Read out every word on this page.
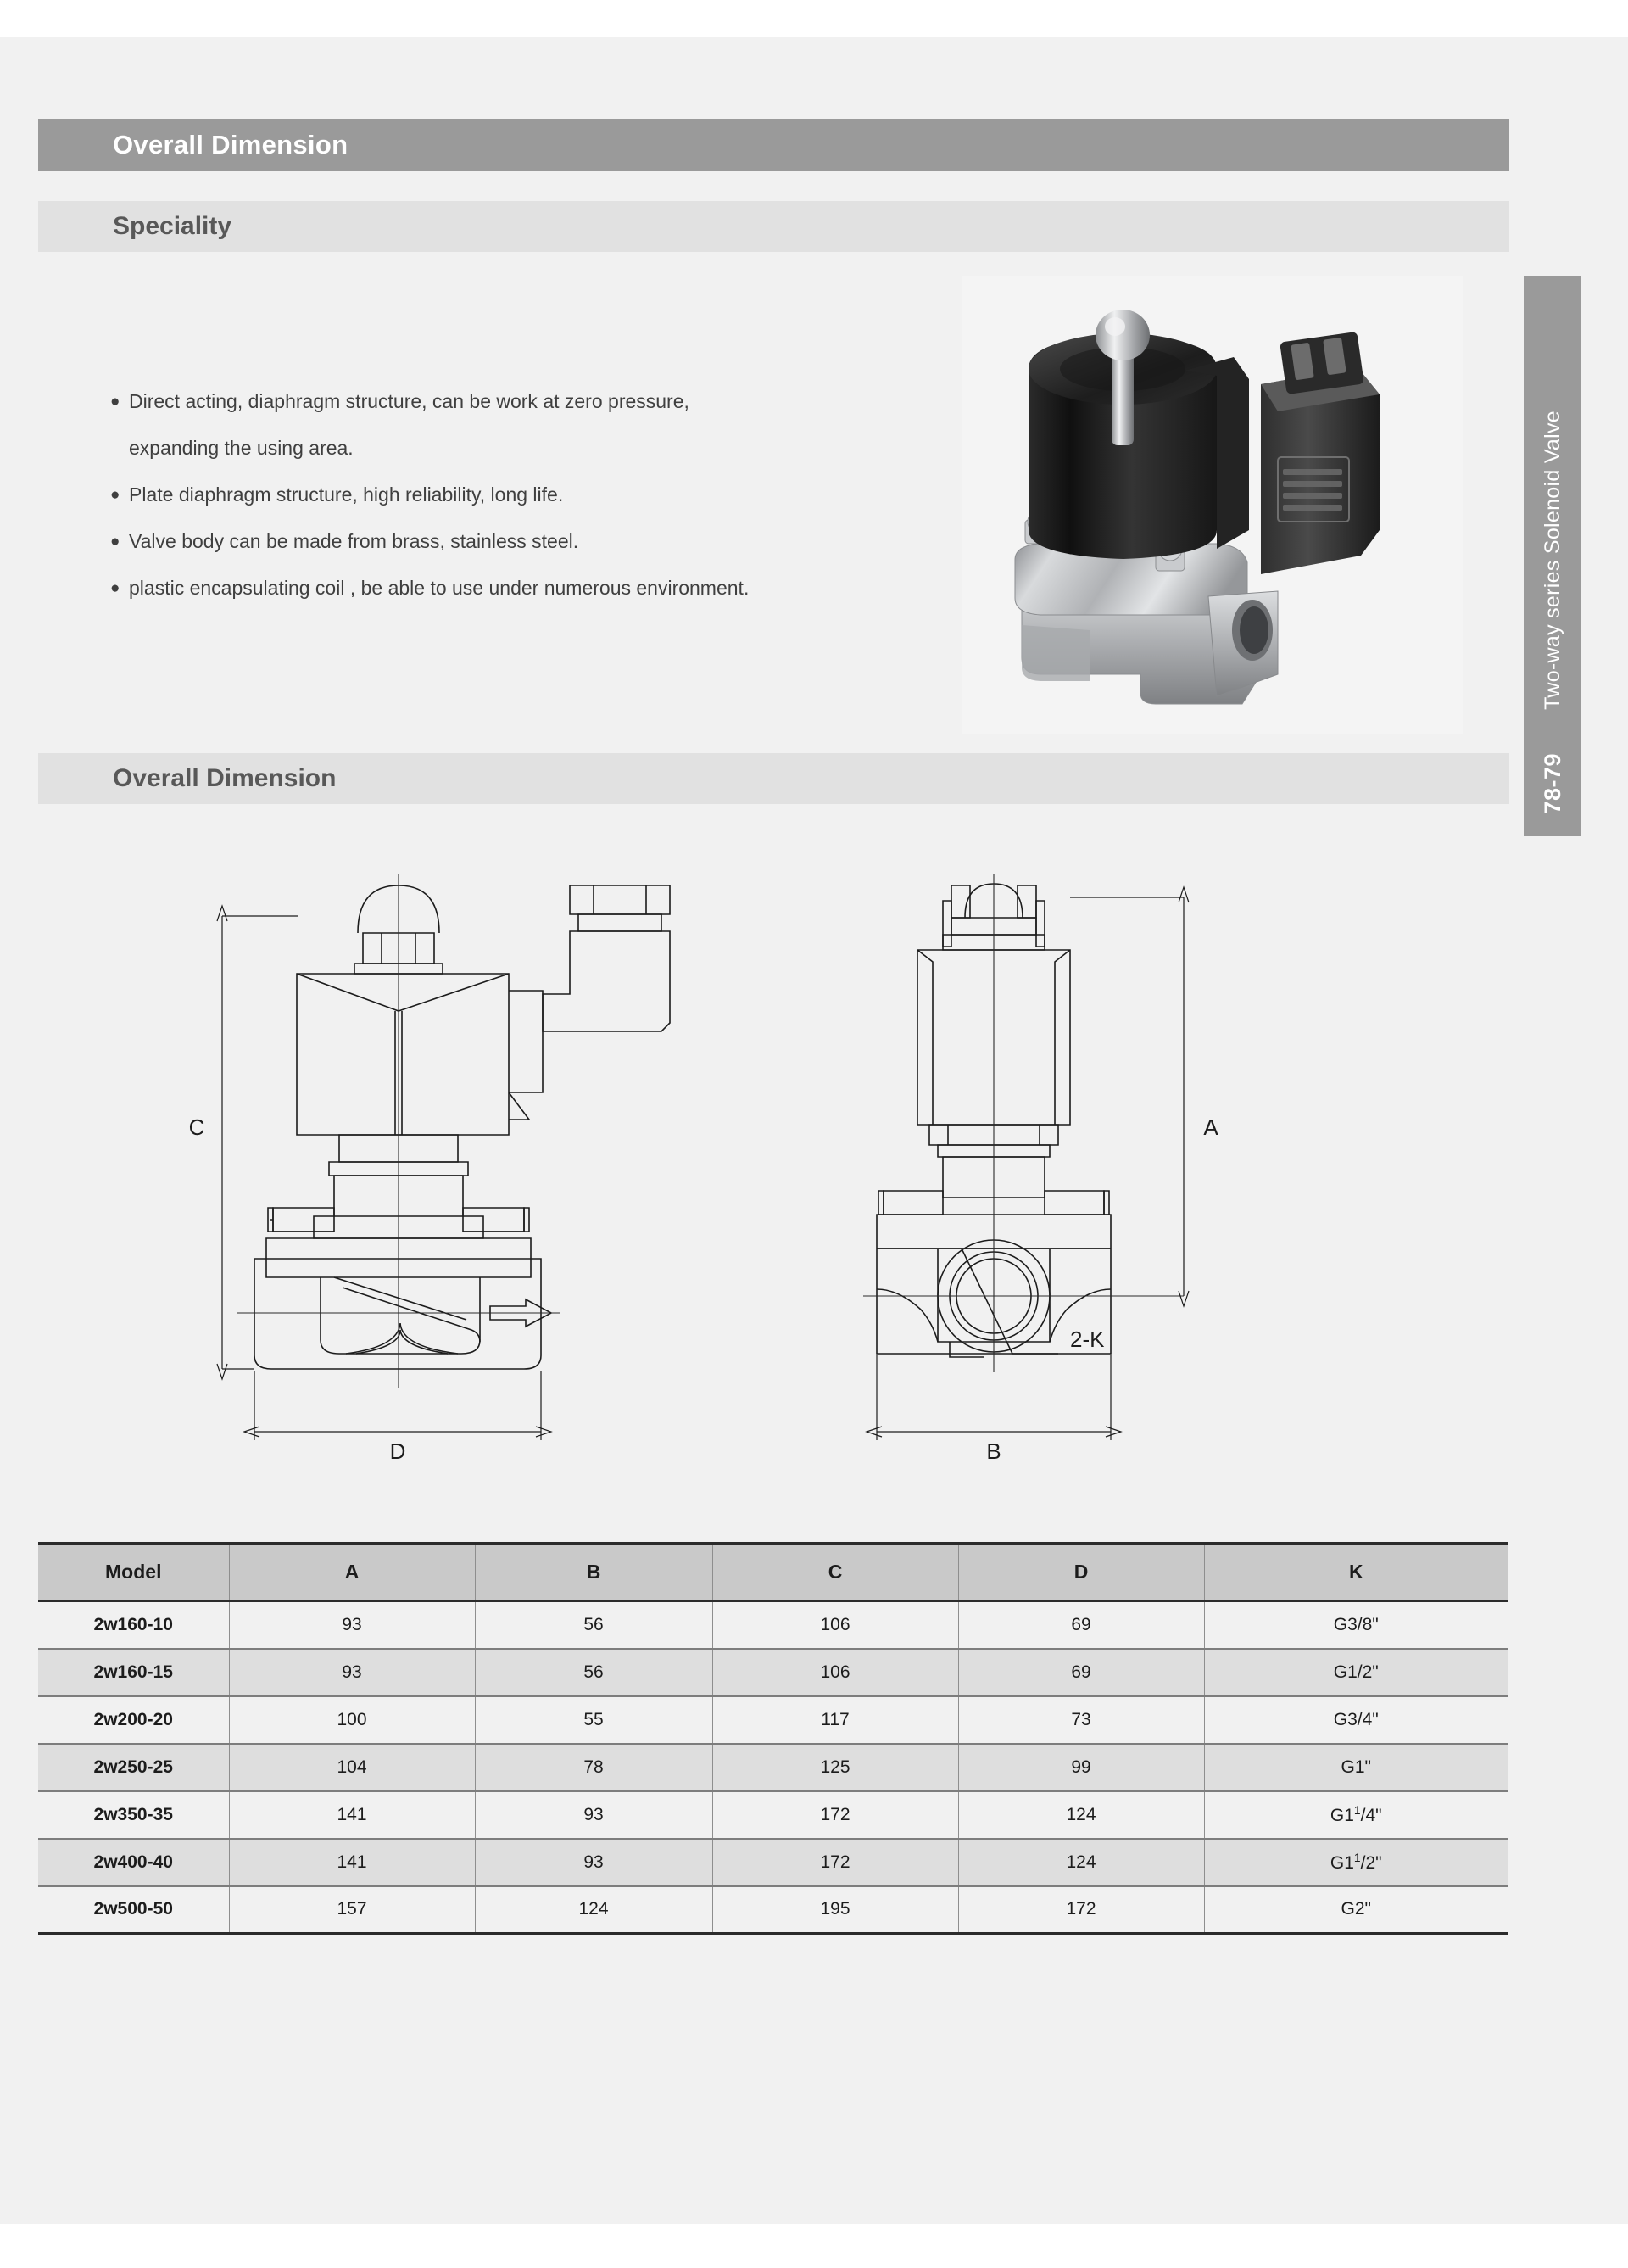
Overall Dimension
Speciality
● Direct acting, diaphragm structure, can be work at zero pressure,
expanding the using area.
● Plate diaphragm structure, high reliability, long life.
● Valve body can be made from brass, stainless steel.
● plastic encapsulating coil , be able to use under numerous environment.
Overall Dimension	78-79
Two-way series Solenoid Valve
C
D
A
B
2-K
Model	A	B	C	D	K
2w160-10	93	56	106	69	G3/8"
2w160-15	93	56	106	69	G1/2"
2w200-20	100	55	117	73	G3/4"
2w250-25	104	78	125	99	G1"
2w350-35	141	93	172	124	$G1^1/4$"
2w400-40	141	93	172	124	$G1^1/2$"
2w500-50	157	124	195	172	G2"
